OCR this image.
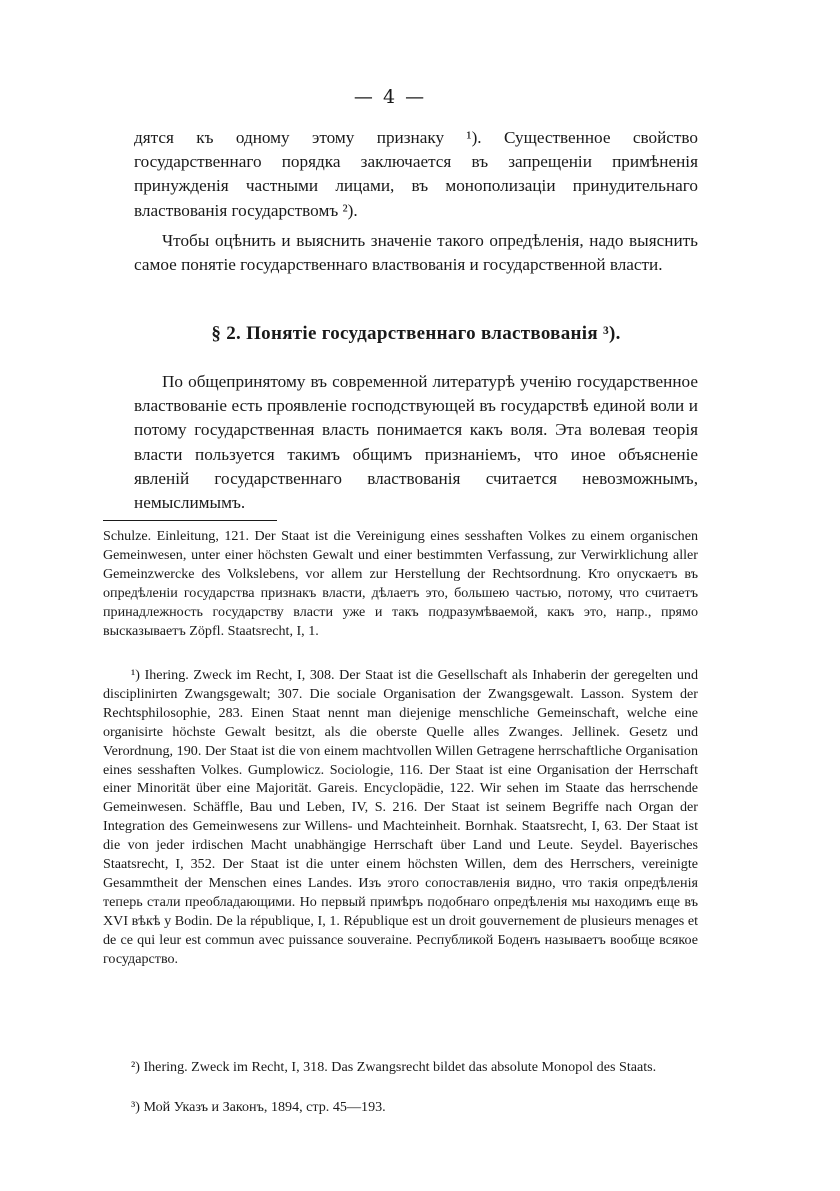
— 4 —

дятся къ одному этому признаку ¹). Существенное свойство государственнаго порядка заключается въ запрещеніи примѣненія принужденія частными лицами, въ монополизаціи принудительнаго властвованія государствомъ ²).

Чтобы оцѣнить и выяснить значеніе такого опредѣленія, надо выяснить самое понятіе государственнаго властвованія и государственной власти.

§ 2. Понятіе государственнаго властвованія ³).

По общепринятому въ современной литературѣ ученію государственное властвованіе есть проявленіе господствующей въ государствѣ единой воли и потому государственная власть понимается какъ воля. Эта волевая теорія власти пользуется такимъ общимъ признаніемъ, что иное объясненіе явленій государственнаго властвованія считается невозможнымъ, немыслимымъ.

Schulze. Einleitung, 121. Der Staat ist die Vereinigung eines sesshaften Volkes zu einem organischen Gemeinwesen, unter einer höchsten Gewalt und einer bestimmten Verfassung, zur Verwirklichung aller Gemeinzwercke des Volkslebens, vor allem zur Herstellung der Rechtsordnung. Кто опускаетъ въ опредѣленіи государства признакъ власти, дѣлаетъ это, большею частью, потому, что считаетъ принадлежность государству власти уже и такъ подразумѣваемой, какъ это, напр., прямо высказываетъ Zöpfl. Staatsrecht, I, 1.

¹) Ihering. Zweck im Recht, I, 308. Der Staat ist die Gesellschaft als Inhaberin der geregelten und disciplinirten Zwangsgewalt; 307. Die sociale Organisation der Zwangsgewalt. Lasson. System der Rechtsphilosophie, 283. Einen Staat nennt man diejenige menschliche Gemeinschaft, welche eine organisirte höchste Gewalt besitzt, als die oberste Quelle alles Zwanges. Jellinek. Gesetz und Verordnung, 190. Der Staat ist die von einem machtvollen Willen Getragene herrschaftliche Organisation eines sesshaften Volkes. Gumplowicz. Sociologie, 116. Der Staat ist eine Organisation der Herrschaft einer Minorität über eine Majorität. Gareis. Encyclopädie, 122. Wir sehen im Staate das herrschende Gemeinwesen. Schäffle, Bau und Leben, IV, S. 216. Der Staat ist seinem Begriffe nach Organ der Integration des Gemeinwesens zur Willens- und Machteinheit. Bornhak. Staatsrecht, I, 63. Der Staat ist die von jeder irdischen Macht unabhängige Herrschaft über Land und Leute. Seydel. Bayerisches Staatsrecht, I, 352. Der Staat ist die unter einem höchsten Willen, dem des Herrschers, vereinigte Gesammtheit der Menschen eines Landes. Изъ этого сопоставленія видно, что такія опредѣленія теперь стали преобладающими. Но первый примѣръ подобнаго опредѣленія мы находимъ еще въ XVI вѣкѣ у Bodin. De la république, I, 1. République est un droit gouvernement de plusieurs menages et de ce qui leur est commun avec puissance souveraine. Республикой Боденъ называетъ вообще всякое государство.

²) Ihering. Zweck im Recht, I, 318. Das Zwangsrecht bildet das absolute Monopol des Staats.

³) Мой Указъ и Законъ, 1894, стр. 45—193.
